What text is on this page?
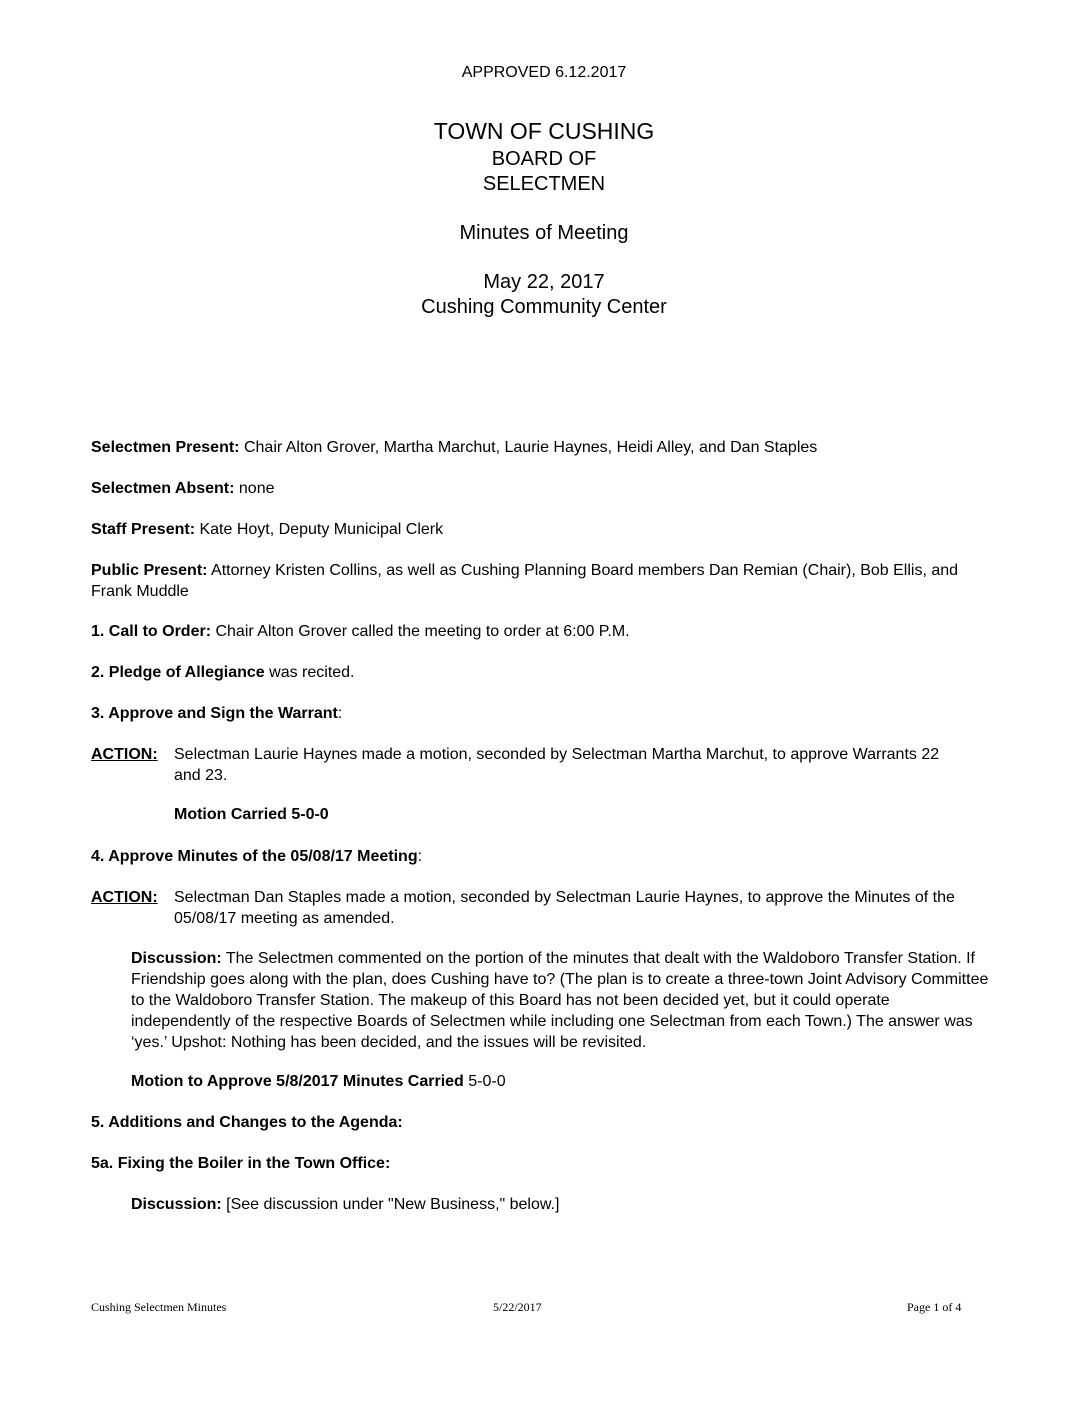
APPROVED 6.12.2017
TOWN OF CUSHING
BOARD OF
SELECTMEN
Minutes of Meeting
May 22, 2017
Cushing Community Center
Selectmen Present: Chair Alton Grover, Martha Marchut, Laurie Haynes, Heidi Alley, and Dan Staples
Selectmen Absent: none
Staff Present: Kate Hoyt, Deputy Municipal Clerk
Public Present: Attorney Kristen Collins, as well as Cushing Planning Board members Dan Remian (Chair), Bob Ellis, and Frank Muddle
1. Call to Order: Chair Alton Grover called the meeting to order at 6:00 P.M.
2. Pledge of Allegiance was recited.
3. Approve and Sign the Warrant:
ACTION: Selectman Laurie Haynes made a motion, seconded by Selectman Martha Marchut, to approve Warrants 22 and 23.
Motion Carried 5-0-0
4. Approve Minutes of the 05/08/17 Meeting:
ACTION: Selectman Dan Staples made a motion, seconded by Selectman Laurie Haynes, to approve the Minutes of the 05/08/17 meeting as amended.
Discussion: The Selectmen commented on the portion of the minutes that dealt with the Waldoboro Transfer Station. If Friendship goes along with the plan, does Cushing have to? (The plan is to create a three-town Joint Advisory Committee to the Waldoboro Transfer Station. The makeup of this Board has not been decided yet, but it could operate independently of the respective Boards of Selectmen while including one Selectman from each Town.) The answer was ‘yes.’ Upshot: Nothing has been decided, and the issues will be revisited.
Motion to Approve 5/8/2017 Minutes Carried 5-0-0
5. Additions and Changes to the Agenda:
5a. Fixing the Boiler in the Town Office:
Discussion: [See discussion under "New Business," below.]
Cushing Selectmen Minutes	5/22/2017	Page 1 of 4
